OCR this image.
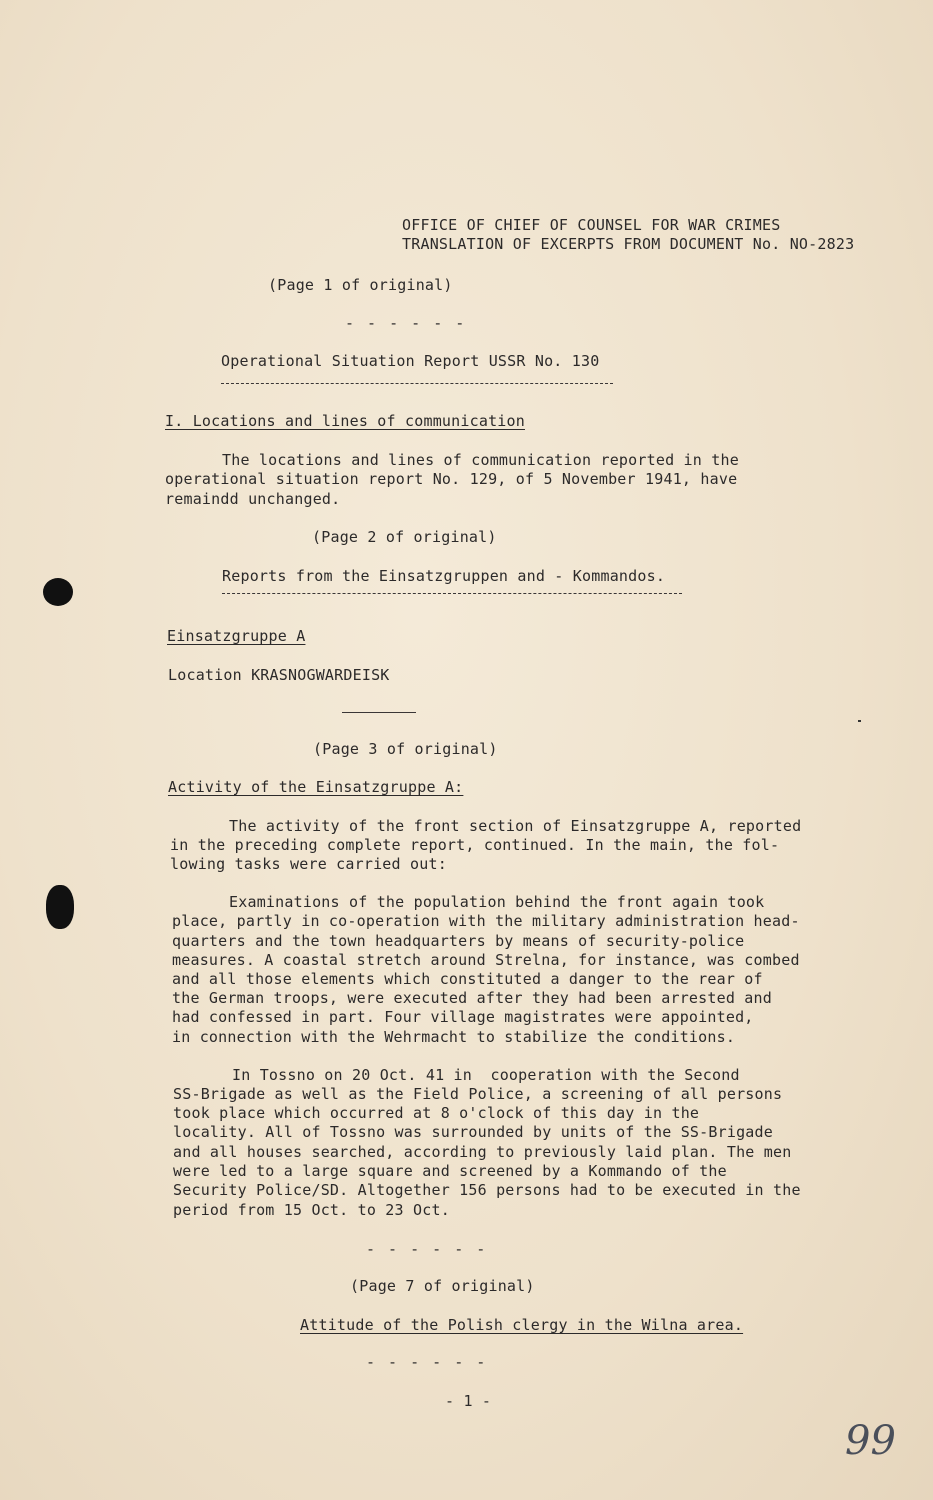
OFFICE OF CHIEF OF COUNSEL FOR WAR CRIMES
TRANSLATION OF EXCERPTS FROM DOCUMENT No. NO-2823
(Page 1 of original)
- - - - - -
Operational Situation Report USSR No. 130
I. Locations and lines of communication
The locations and lines of communication reported in the
operational situation report No. 129, of 5 November 1941, have
remaindd unchanged.
(Page 2 of original)
Reports from the Einsatzgruppen and - Kommandos.
Einsatzgruppe A
Location KRASNOGWARDEISK
(Page 3 of original)
Activity of the Einsatzgruppe A:
The activity of the front section of Einsatzgruppe A, reported
in the preceding complete report, continued. In the main, the fol-
lowing tasks were carried out:
Examinations of the population behind the front again took
place, partly in co-operation with the military administration head-
quarters and the town headquarters by means of security-police
measures. A coastal stretch around Strelna, for instance, was combed
and all those elements which constituted a danger to the rear of
the German troops, were executed after they had been arrested and
had confessed in part. Four village magistrates were appointed,
in connection with the Wehrmacht to stabilize the conditions.
In Tossno on 20 Oct. 41 in  cooperation with the Second
SS-Brigade as well as the Field Police, a screening of all persons
took place which occurred at 8 o'clock of this day in the
locality. All of Tossno was surrounded by units of the SS-Brigade
and all houses searched, according to previously laid plan. The men
were led to a large square and screened by a Kommando of the
Security Police/SD. Altogether 156 persons had to be executed in the
period from 15 Oct. to 23 Oct.
- - - - - -
(Page 7 of original)
Attitude of the Polish clergy in the Wilna area.
- - - - - -
- 1 -
99
